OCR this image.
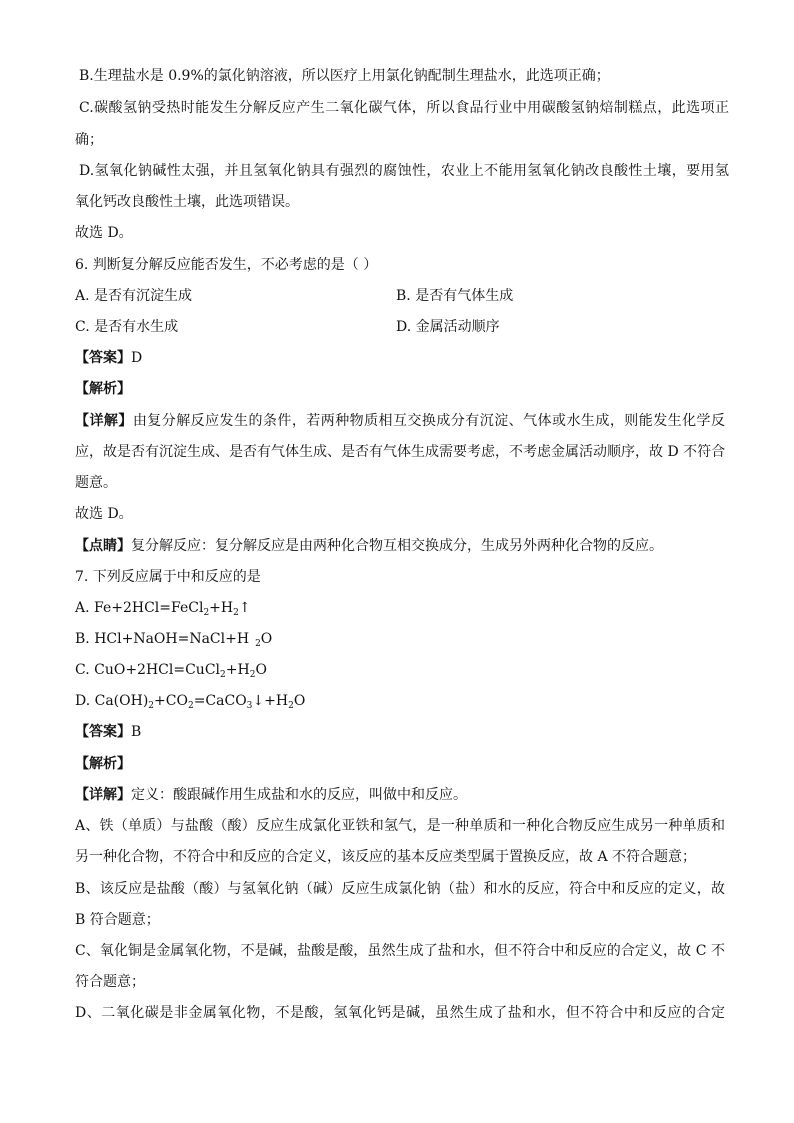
B.生理盐水是 0.9%的氯化钠溶液，所以医疗上用氯化钠配制生理盐水，此选项正确；
C.碳酸氢钠受热时能发生分解反应产生二氧化碳气体，所以食品行业中用碳酸氢钠焙制糕点，此选项正
确；
D.氢氧化钠碱性太强，并且氢氧化钠具有强烈的腐蚀性，农业上不能用氢氧化钠改良酸性土壤，要用氢
氧化钙改良酸性土壤，此选项错误。
故选 D。
6. 判断复分解反应能否发生，不必考虑的是（ ）
A. 是否有沉淀生成	B. 是否有气体生成
C. 是否有水生成	D. 金属活动顺序
【答案】D
【解析】
【详解】由复分解反应发生的条件，若两种物质相互交换成分有沉淀、气体或水生成，则能发生化学反
应，故是否有沉淀生成、是否有气体生成、是否有气体生成需要考虑，不考虑金属活动顺序，故 D 不符合
题意。
故选 D。
【点睛】复分解反应：复分解反应是由两种化合物互相交换成分，生成另外两种化合物的反应。
7. 下列反应属于中和反应的是
A. $Fe+2HCl=FeCl_2+H_2↑$
B. HCl+NaOH=NaCl+H $_2$O
C. $CuO+2HCl=CuCl_2+H_2O$
D. $Ca(OH)_2+CO_2=CaCO_3↓+H_2O$
【答案】B
【解析】
【详解】定义：酸跟碱作用生成盐和水的反应，叫做中和反应。
A、铁（单质）与盐酸（酸）反应生成氯化亚铁和氢气，是一种单质和一种化合物反应生成另一种单质和
另一种化合物，不符合中和反应的合定义，该反应的基本反应类型属于置换反应，故 A 不符合题意；
B、该反应是盐酸（酸）与氢氧化钠（碱）反应生成氯化钠（盐）和水的反应，符合中和反应的定义，故
B 符合题意；
C、氧化铜是金属氧化物，不是碱，盐酸是酸，虽然生成了盐和水，但不符合中和反应的合定义，故 C 不
符合题意；
D、二氧化碳是非金属氧化物，不是酸，氢氧化钙是碱，虽然生成了盐和水，但不符合中和反应的合定
